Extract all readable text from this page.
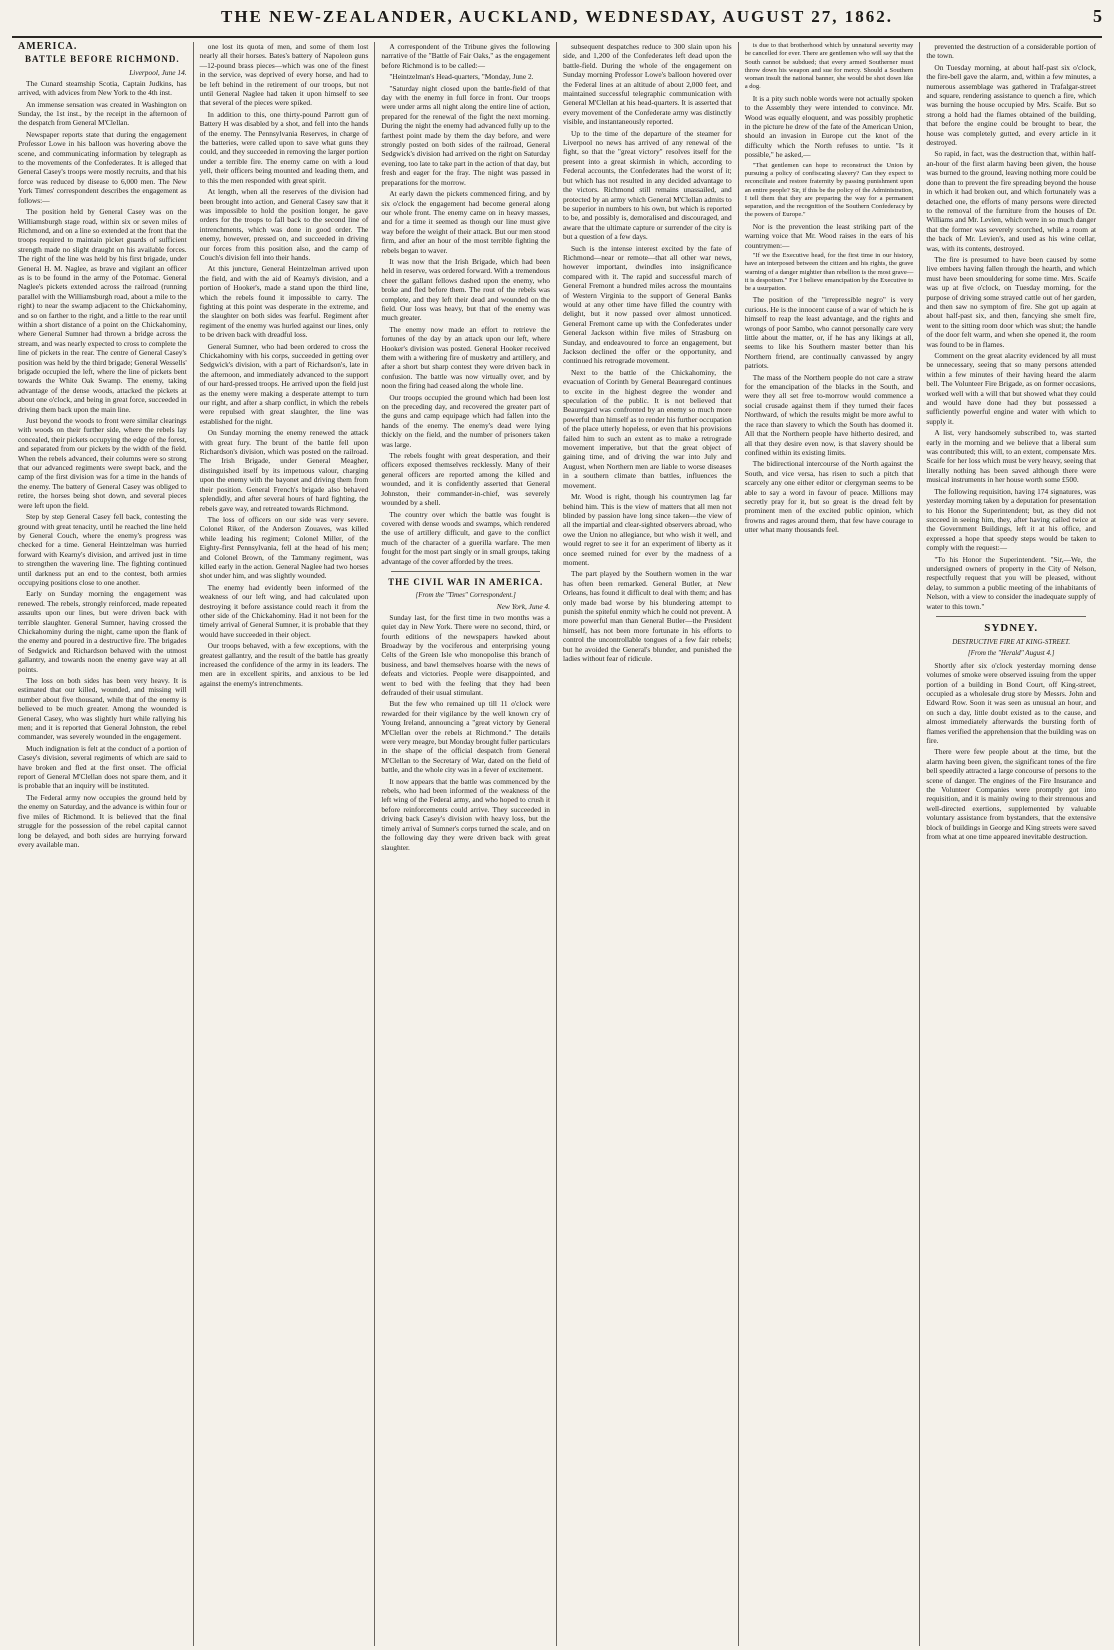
THE NEW-ZEALANDER, AUCKLAND, WEDNESDAY, AUGUST 27, 1862.	5
AMERICA.
BATTLE BEFORE RICHMOND.
Liverpool, June 14.

The Cunard steamship Scotia, Captain Judkins, has arrived, with advices from New York to the 4th inst.

An immense sensation was created in Washington on Sunday, the 1st inst., by the receipt in the afternoon of the despatch from General M'Clellan.

Newspaper reports state that during the engagement Professor Lowe in his balloon was hovering above the scene, and communicating information by telegraph as to the movements of the Confederates. It is alleged that General Casey's troops were mostly recruits, and that his force was reduced by disease to 6,000 men. The New York Times' correspondent describes the engagement as follows:—

The position held by General Casey was on the Williamsburgh stage road, within six or seven miles of Richmond, and on a line so extended at the front that the troops required to maintain picket guards of sufficient strength made no slight draught on his available forces. The right of the line was held by his first brigade, under General H. M. Naglee, as brave and vigilant an officer as is to be found in the army of the Potomac. General Naglee's pickets extended across the railroad (running parallel with the Williamsburgh road, about a mile to the right) to near the swamp adjacent to the Chickahominy, and so on farther to the right, and a little to the rear until within a short distance of a point on the Chickahominy, where General Sumner had thrown a bridge across the stream, and was nearly expected to cross to complete the line of pickets in the rear. The centre of General Casey's position was held by the third brigade; General Wessells' brigade occupied the left, where the line of pickets bent towards the White Oak Swamp. The enemy, taking advantage of the dense woods, attacked the pickets at about one o'clock, and being in great force, succeeded in driving them back upon the main line.

Just beyond the woods to front were similar clearings with woods on their further side, where the rebels lay concealed, their pickets occupying the edge of the forest, and separated from our pickets by the width of the field. When the rebels advanced, their columns were so strong that our advanced regiments were swept back, and the camp of the first division was for a time in the hands of the enemy. The battery of General Casey was obliged to retire, the horses being shot down, and several pieces were left upon the field.

Step by step General Casey fell back, contesting the ground with great tenacity, until he reached the line held by General Couch, where the enemy's progress was checked for a time. General Heintzelman was hurried forward with Kearny's division, and arrived just in time to strengthen the wavering line. The fighting continued until darkness put an end to the contest, both armies occupying positions close to one another.

Early on Sunday morning the engagement was renewed. The rebels, strongly reinforced, made repeated assaults upon our lines, but were driven back with terrible slaughter. General Sumner, having crossed the Chickahominy during the night, came upon the flank of the enemy and poured in a destructive fire. The brigades of Sedgwick and Richardson behaved with the utmost gallantry, and towards noon the enemy gave way at all points.

The loss on both sides has been very heavy. It is estimated that our killed, wounded, and missing will number about five thousand, while that of the enemy is believed to be much greater. Among the wounded is General Casey, who was slightly hurt while rallying his men; and it is reported that General Johnston, the rebel commander, was severely wounded in the engagement.

Much indignation is felt at the conduct of a portion of Casey's division, several regiments of which are said to have broken and fled at the first onset. The official report of General M'Clellan does not spare them, and it is probable that an inquiry will be instituted.

The Federal army now occupies the ground held by the enemy on Saturday, and the advance is within four or five miles of Richmond. It is believed that the final struggle for the possession of the rebel capital cannot long be delayed, and both sides are hurrying forward every available man.

one lost its quota of men, and some of them lost nearly all their horses. Bates's battery of Napoleon guns—12-pound brass pieces—which was one of the finest in the service, was deprived of every horse, and had to be left behind in the retirement of our troops, but not until General Naglee had taken it upon himself to see that several of the pieces were spiked.

In addition to this, one thirty-pound Parrott gun of Battery H was disabled by a shot, and fell into the hands of the enemy. The Pennsylvania Reserves, in charge of the batteries, were called upon to save what guns they could, and they succeeded in removing the larger portion under a terrible fire. The enemy came on with a loud yell, their officers being mounted and leading them, and to this the men responded with great spirit.

At length, when all the reserves of the division had been brought into action, and General Casey saw that it was impossible to hold the position longer, he gave orders for the troops to fall back to the second line of intrenchments, which was done in good order. The enemy, however, pressed on, and succeeded in driving our forces from this position also, and the camp of Couch's division fell into their hands.

At this juncture, General Heintzelman arrived upon the field, and with the aid of Kearny's division, and a portion of Hooker's, made a stand upon the third line, which the rebels found it impossible to carry. The fighting at this point was desperate in the extreme, and the slaughter on both sides was fearful. Regiment after regiment of the enemy was hurled against our lines, only to be driven back with dreadful loss.

General Sumner, who had been ordered to cross the Chickahominy with his corps, succeeded in getting over Sedgwick's division, with a part of Richardson's, late in the afternoon, and immediately advanced to the support of our hard-pressed troops. He arrived upon the field just as the enemy were making a desperate attempt to turn our right, and after a sharp conflict, in which the rebels were repulsed with great slaughter, the line was established for the night.

On Sunday morning the enemy renewed the attack with great fury. The brunt of the battle fell upon Richardson's division, which was posted on the railroad. The Irish Brigade, under General Meagher, distinguished itself by its impetuous valour, charging upon the enemy with the bayonet and driving them from their position. General French's brigade also behaved splendidly, and after several hours of hard fighting, the rebels gave way, and retreated towards Richmond.

The loss of officers on our side was very severe. Colonel Riker, of the Anderson Zouaves, was killed while leading his regiment; Colonel Miller, of the Eighty-first Pennsylvania, fell at the head of his men; and Colonel Brown, of the Tammany regiment, was killed early in the action. General Naglee had two horses shot under him, and was slightly wounded.

The enemy had evidently been informed of the weakness of our left wing, and had calculated upon destroying it before assistance could reach it from the other side of the Chickahominy. Had it not been for the timely arrival of General Sumner, it is probable that they would have succeeded in their object.

Our troops behaved, with a few exceptions, with the greatest gallantry, and the result of the battle has greatly increased the confidence of the army in its leaders. The men are in excellent spirits, and anxious to be led against the enemy's intrenchments.

A correspondent of the Tribune gives the following narrative of the "Battle of Fair Oaks," as the engagement before Richmond is to be called:—

"Heintzelman's Head-quarters, "Monday, June 2.

"Saturday night closed upon the battle-field of that day with the enemy in full force in front. Our troops were under arms all night along the entire line of action, prepared for the renewal of the fight the next morning. During the night the enemy had advanced fully up to the farthest point made by them the day before, and were strongly posted on both sides of the railroad, General Sedgwick's division had arrived on the right on Saturday evening, too late to take part in the action of that day, but fresh and eager for the fray. The night was passed in preparations for the morrow.

At early dawn the pickets commenced firing, and by six o'clock the engagement had become general along our whole front. The enemy came on in heavy masses, and for a time it seemed as though our line must give way before the weight of their attack. But our men stood firm, and after an hour of the most terrible fighting the rebels began to waver.

It was now that the Irish Brigade, which had been held in reserve, was ordered forward. With a tremendous cheer the gallant fellows dashed upon the enemy, who broke and fled before them. The rout of the rebels was complete, and they left their dead and wounded on the field. Our loss was heavy, but that of the enemy was much greater.

The enemy now made an effort to retrieve the fortunes of the day by an attack upon our left, where Hooker's division was posted. General Hooker received them with a withering fire of musketry and artillery, and after a short but sharp contest they were driven back in confusion. The battle was now virtually over, and by noon the firing had ceased along the whole line.

Our troops occupied the ground which had been lost on the preceding day, and recovered the greater part of the guns and camp equipage which had fallen into the hands of the enemy. The enemy's dead were lying thickly on the field, and the number of prisoners taken was large.

The rebels fought with great desperation, and their officers exposed themselves recklessly. Many of their general officers are reported among the killed and wounded, and it is confidently asserted that General Johnston, their commander-in-chief, was severely wounded by a shell.

The country over which the battle was fought is covered with dense woods and swamps, which rendered the use of artillery difficult, and gave to the conflict much of the character of a guerilla warfare. The men fought for the most part singly or in small groups, taking advantage of the cover afforded by the trees.

THE CIVIL WAR IN AMERICA.
[From the "Times" Correspondent.]
New York, June 4.

Sunday last, for the first time in two months was a quiet day in New York. There were no second, third, or fourth editions of the newspapers hawked about Broadway by the vociferous and enterprising young Celts of the Green Isle who monopolise this branch of business, and bawl themselves hoarse with the news of defeats and victories. People were disappointed, and went to bed with the feeling that they had been defrauded of their usual stimulant.

But the few who remained up till 11 o'clock were rewarded for their vigilance by the well known cry of Young Ireland, announcing a "great victory by General M'Clellan over the rebels at Richmond." The details were very meagre, but Monday brought fuller particulars in the shape of the official despatch from General M'Clellan to the Secretary of War, dated on the field of battle, and the whole city was in a fever of excitement.

It now appears that the battle was commenced by the rebels, who had been informed of the weakness of the left wing of the Federal army, and who hoped to crush it before reinforcements could arrive. They succeeded in driving back Casey's division with heavy loss, but the timely arrival of Sumner's corps turned the scale, and on the following day they were driven back with great slaughter.

subsequent despatches reduce to 300 slain upon his side, and 1,200 of the Confederates left dead upon the battle-field. During the whole of the engagement on Sunday morning Professor Lowe's balloon hovered over the Federal lines at an altitude of about 2,000 feet, and maintained successful telegraphic communication with General M'Clellan at his head-quarters. It is asserted that every movement of the Confederate army was distinctly visible, and instantaneously reported.

Up to the time of the departure of the steamer for Liverpool no news has arrived of any renewal of the fight, so that the "great victory" resolves itself for the present into a great skirmish in which, according to Federal accounts, the Confederates had the worst of it; but which has not resulted in any decided advantage to the victors. Richmond still remains unassailed, and protected by an army which General M'Clellan admits to be superior in numbers to his own, but which is reported to be, and possibly is, demoralised and discouraged, and aware that the ultimate capture or surrender of the city is but a question of a few days.

Such is the intense interest excited by the fate of Richmond—near or remote—that all other war news, however important, dwindles into insignificance compared with it. The rapid and successful march of General Fremont a hundred miles across the mountains of Western Virginia to the support of General Banks would at any other time have filled the country with delight, but it now passed over almost unnoticed. General Fremont came up with the Confederates under General Jackson within five miles of Strasburg on Sunday, and endeavoured to force an engagement, but Jackson declined the offer or the opportunity, and continued his retrograde movement.

Next to the battle of the Chickahominy, the evacuation of Corinth by General Beauregard continues to excite in the highest degree the wonder and speculation of the public. It is not believed that Beauregard was confronted by an enemy so much more powerful than himself as to render his further occupation of the place utterly hopeless, or even that his provisions failed him to such an extent as to make a retrograde movement imperative, but that the great object of gaining time, and of driving the war into July and August, when Northern men are liable to worse diseases in a southern climate than battles, influences the movement.

Mr. Wood is right, though his countrymen lag far behind him. This is the view of matters that all men not blinded by passion have long since taken—the view of all the impartial and clear-sighted observers abroad, who owe the Union no allegiance, but who wish it well, and would regret to see it for an experiment of liberty as it once seemed ruined for ever by the madness of a moment.

The part played by the Southern women in the war has often been remarked. General Butler, at New Orleans, has found it difficult to deal with them; and has only made bad worse by his blundering attempt to punish the spiteful enmity which he could not prevent. A more powerful man than General Butler—the President himself, has not been more fortunate in his efforts to control the uncontrollable tongues of a few fair rebels; but he avoided the General's blunder, and punished the ladies without fear of ridicule.

is due to that brotherhood which by unnatural severity may be cancelled for ever. There are gentlemen who will say that the South cannot be subdued; that every armed Southerner must throw down his weapon and sue for mercy. Should a Southern woman insult the national banner, she would be shot down like a dog.

It is a pity such noble words were not actually spoken to the Assembly they were intended to convince. Mr. Wood was equally eloquent, and was possibly prophetic in the picture he drew of the fate of the American Union, should an invasion in Europe cut the knot of the difficulty which the North refuses to untie. "Is it possible," he asked,—

"That gentlemen can hope to reconstruct the Union by pursuing a policy of confiscating slavery? Can they expect to reconciliate and restore fraternity by passing punishment upon an entire people? Sir, if this be the policy of the Administration, I tell them that they are preparing the way for a permanent separation, and the recognition of the Southern Confederacy by the powers of Europe."

Nor is the prevention the least striking part of the warning voice that Mr. Wood raises in the ears of his countrymen:—

"If we the Executive head, for the first time in our history, have an interposed between the citizen and his rights, the grave warning of a danger mightier than rebellion is the most grave—it is despotism." For I believe emancipation by the Executive to be a usurpation.

The position of the "irrepressible negro" is very curious. He is the innocent cause of a war of which he is himself to reap the least advantage, and the rights and wrongs of poor Sambo, who cannot personally care very little about the matter, or, if he has any likings at all, seems to like his Southern master better than his Northern friend, are continually canvassed by angry patriots.

The mass of the Northern people do not care a straw for the emancipation of the blacks in the South, and were they all set free to-morrow would commence a social crusade against them if they turned their faces Northward, of which the results might be more awful to the race than slavery to which the South has doomed it. All that the Northern people have hitherto desired, and all that they desire even now, is that slavery should be confined within its existing limits.

The bidirectional intercourse of the North against the South, and vice versa, has risen to such a pitch that scarcely any one either editor or clergyman seems to be able to say a word in favour of peace. Millions may secretly pray for it, but so great is the dread felt by prominent men of the excited public opinion, which frowns and rages around them, that few have courage to utter what many thousands feel.

prevented the destruction of a considerable portion of the town.

On Tuesday morning, at about half-past six o'clock, the fire-bell gave the alarm, and, within a few minutes, a numerous assemblage was gathered in Trafalgar-street and square, rendering assistance to quench a fire, which was burning the house occupied by Mrs. Scaife. But so strong a hold had the flames obtained of the building, that before the engine could be brought to bear, the house was completely gutted, and every article in it destroyed.

So rapid, in fact, was the destruction that, within half-an-hour of the first alarm having been given, the house was burned to the ground, leaving nothing more could be done than to prevent the fire spreading beyond the house in which it had broken out, and which fortunately was a detached one, the efforts of many persons were directed to the removal of the furniture from the houses of Dr. Williams and Mr. Levien, which were in so much danger that the former was severely scorched, while a room at the back of Mr. Levien's, and used as his wine cellar, was, with its contents, destroyed.

The fire is presumed to have been caused by some live embers having fallen through the hearth, and which must have been smouldering for some time. Mrs. Scaife was up at five o'clock, on Tuesday morning, for the purpose of driving some strayed cattle out of her garden, and then saw no symptom of fire. She got up again at about half-past six, and then, fancying she smelt fire, went to the sitting room door which was shut; the handle of the door felt warm, and when she opened it, the room was found to be in flames.

Comment on the great alacrity evidenced by all must be unnecessary, seeing that so many persons attended within a few minutes of their having heard the alarm bell. The Volunteer Fire Brigade, as on former occasions, worked well with a will that but showed what they could and would have done had they but possessed a sufficiently powerful engine and water with which to supply it.

A list, very handsomely subscribed to, was started early in the morning and we believe that a liberal sum was contributed; this will, to an extent, compensate Mrs. Scaife for her loss which must be very heavy, seeing that literally nothing has been saved although there were musical instruments in her house worth some £500.

The following requisition, having 174 signatures, was yesterday morning taken by a deputation for presentation to his Honor the Superintendent; but, as they did not succeed in seeing him, they, after having called twice at the Government Buildings, left it at his office, and expressed a hope that speedy steps would be taken to comply with the request:—

"To his Honor the Superintendent. "Sir,—We, the undersigned owners of property in the City of Nelson, respectfully request that you will be pleased, without delay, to summon a public meeting of the inhabitants of Nelson, with a view to consider the inadequate supply of water to this town."

SYDNEY.
DESTRUCTIVE FIRE AT KING-STREET.
[From the "Herald" August 4.]

Shortly after six o'clock yesterday morning dense volumes of smoke were observed issuing from the upper portion of a building in Bond Court, off King-street, occupied as a wholesale drug store by Messrs. John and Edward Row. Soon it was seen as unusual an hour, and on such a day, little doubt existed as to the cause, and almost immediately afterwards the bursting forth of flames verified the apprehension that the building was on fire.

There were few people about at the time, but the alarm having been given, the significant tones of the fire bell speedily attracted a large concourse of persons to the scene of danger. The engines of the Fire Insurance and the Volunteer Companies were promptly got into requisition, and it is mainly owing to their strenuous and well-directed exertions, supplemented by valuable voluntary assistance from bystanders, that the extensive block of buildings in George and King streets were saved from what at one time appeared inevitable destruction.
